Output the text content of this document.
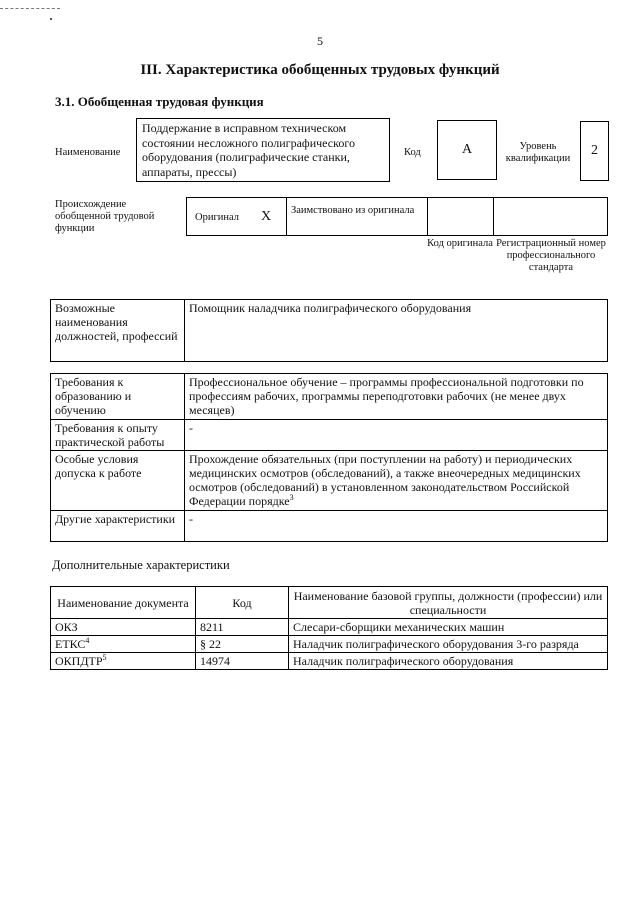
5
III. Характеристика обобщенных трудовых функций
3.1. Обобщенная трудовая функция
Наименование
Поддержание в исправном техническом состоянии несложного полиграфического оборудования (полиграфические станки, аппараты, прессы)
Код	А	Уровень квалификации
2
Происхождение обобщенной трудовой функции
Оригинал X Заимствовано из оригинала
Код оригинала Регистрационный номер профессионального стандарта
Возможные наименования должностей, профессий	Помощник наладчика полиграфического оборудования
Требования к образованию и обучению	Профессиональное обучение – программы профессиональной подготовки по профессиям рабочих, программы переподготовки рабочих (не менее двух месяцев)
Требования к опыту практической работы	-
Особые условия допуска к работе	Прохождение обязательных (при поступлении на работу) и периодических медицинских осмотров (обследований), а также внеочередных медицинских осмотров (обследований) в установленном законодательством Российской Федерации порядке$^3$
Другие характеристики	-
Дополнительные характеристики
Наименование документа	Код	Наименование базовой группы, должности (профессии) или специальности
ОКЗ	8211	Слесари-сборщики механических машин
ЕТКС$^4$	§ 22	Наладчик полиграфического оборудования 3-го разряда
ОКПДТР$^5$	14974	Наладчик полиграфического оборудования
